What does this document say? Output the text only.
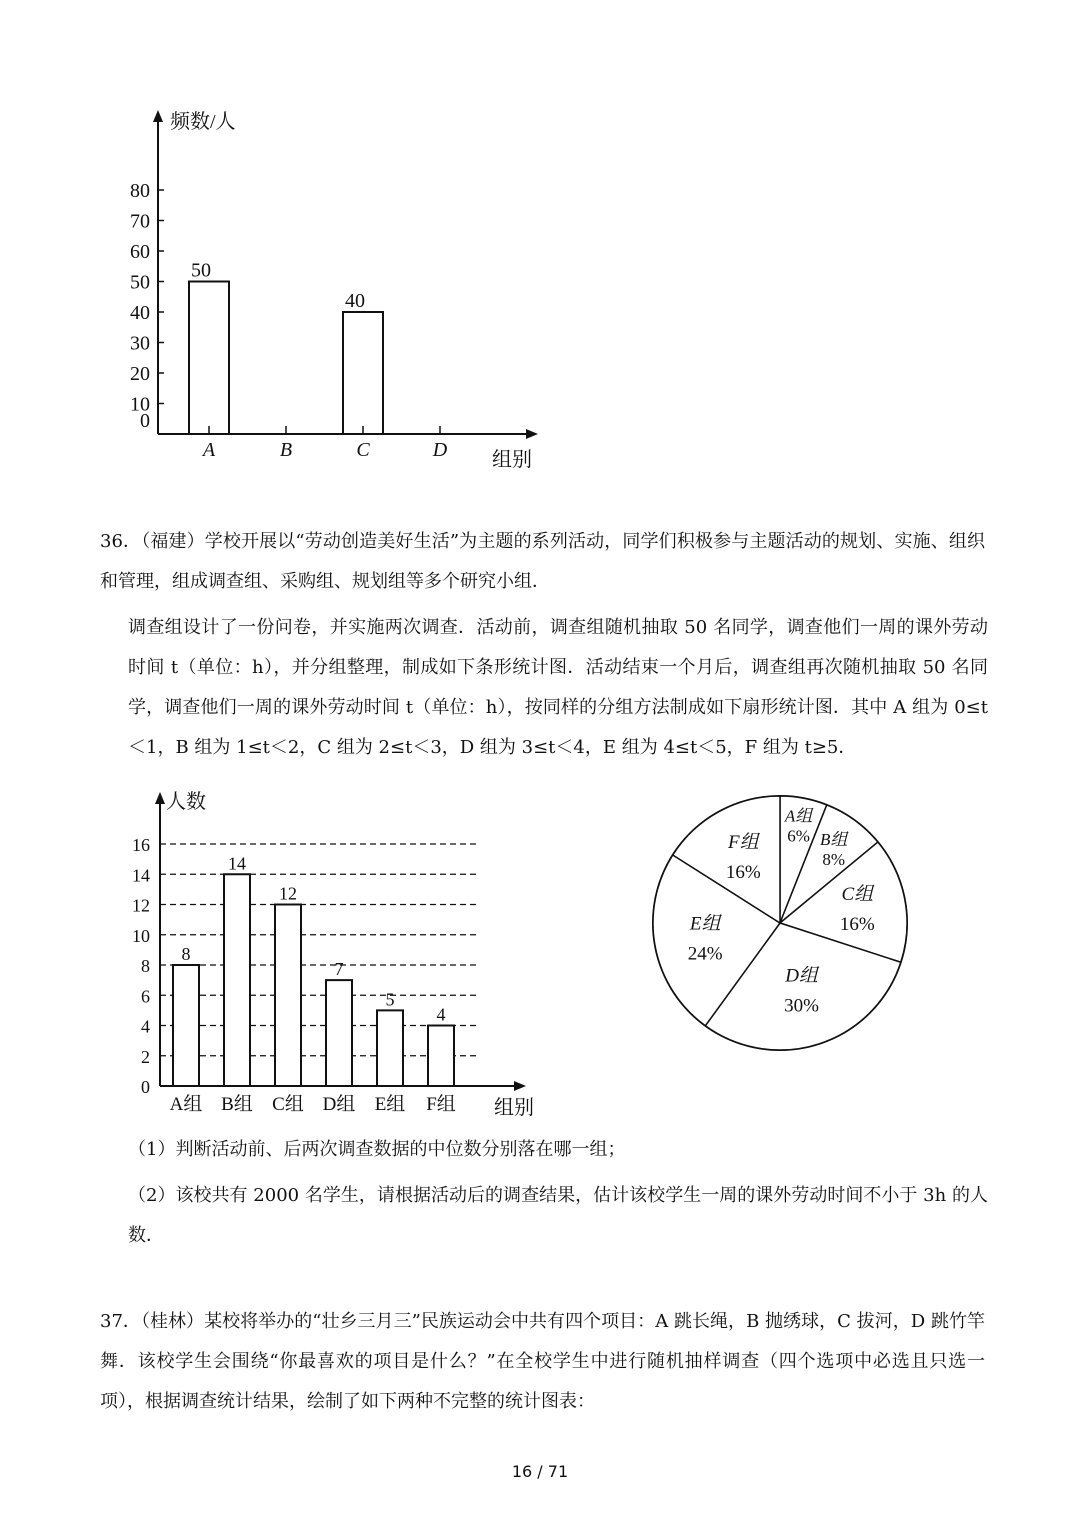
0
10
20
30
40
50
60
70
80
50
40
A	B	C	D
频数/人
组别

36．（福建）学校开展以“劳动创造美好生活”为主题的系列活动，同学们积极参与主题活动的规划、实施、组织和管理，组成调查组、采购组、规划组等多个研究小组．

调查组设计了一份问卷，并实施两次调查．活动前，调查组随机抽取 50 名同学，调查他们一周的课外劳动时间 t（单位：h），并分组整理，制成如下条形统计图．活动结束一个月后，调查组再次随机抽取 50 名同学，调查他们一周的课外劳动时间 t（单位：h），按同样的分组方法制成如下扇形统计图．其中 A 组为 0≤t＜1，B 组为 1≤t＜2，C 组为 2≤t＜3，D 组为 3≤t＜4，E 组为 4≤t＜5，F 组为 t≥5．

0
2
4
6
8
10
12
14
16
8
14
12
7
5
4
A组 B组 C组 D组 E组 F组
人数
组别
A组
6% B组
8%
C组
16%
D组
30%
E组
24%
F组
16%

（1）判断活动前、后两次调查数据的中位数分别落在哪一组；

（2）该校共有 2000 名学生，请根据活动后的调查结果，估计该校学生一周的课外劳动时间不小于 3h 的人数．

37．（桂林）某校将举办的“壮乡三月三”民族运动会中共有四个项目：A 跳长绳，B 抛绣球，C 拔河，D 跳竹竿舞．该校学生会围绕“你最喜欢的项目是什么？”在全校学生中进行随机抽样调查（四个选项中必选且只选一项），根据调查统计结果，绘制了如下两种不完整的统计图表：

16 / 71
